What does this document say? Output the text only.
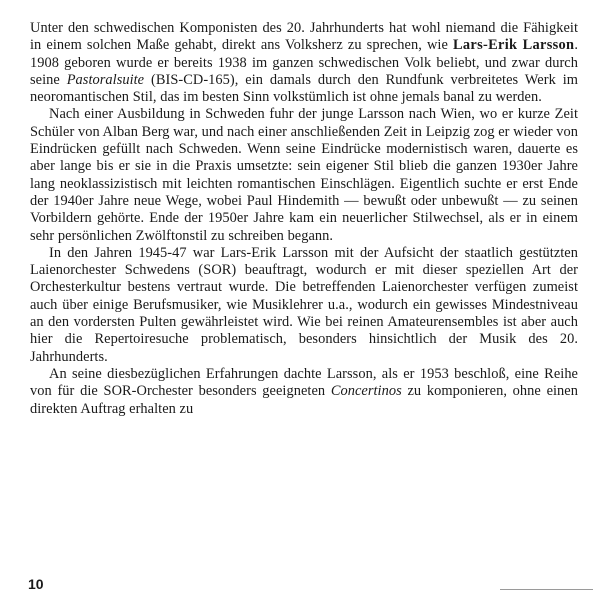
Unter den schwedischen Komponisten des 20. Jahrhunderts hat wohl niemand die Fähigkeit in einem solchen Maße gehabt, direkt ans Volksherz zu sprechen, wie Lars-Erik Larsson. 1908 geboren wurde er bereits 1938 im ganzen schwedischen Volk beliebt, und zwar durch seine Pastoralsuite (BIS-CD-165), ein damals durch den Rundfunk verbreitetes Werk im neoromantischen Stil, das im besten Sinn volkstümlich ist ohne jemals banal zu werden.

Nach einer Ausbildung in Schweden fuhr der junge Larsson nach Wien, wo er kurze Zeit Schüler von Alban Berg war, und nach einer anschließenden Zeit in Leipzig zog er wieder von Eindrücken gefüllt nach Schweden. Wenn seine Eindrücke modernistisch waren, dauerte es aber lange bis er sie in die Praxis umsetzte: sein eigener Stil blieb die ganzen 1930er Jahre lang neoklassizistisch mit leichten romantischen Einschlägen. Eigentlich suchte er erst Ende der 1940er Jahre neue Wege, wobei Paul Hindemith — bewußt oder unbewußt — zu seinen Vorbildern gehörte. Ende der 1950er Jahre kam ein neuerlicher Stilwechsel, als er in einem sehr persönlichen Zwölftonstil zu schreiben begann.

In den Jahren 1945-47 war Lars-Erik Larsson mit der Aufsicht der staatlich gestützten Laienorchester Schwedens (SOR) beauftragt, wodurch er mit dieser speziellen Art der Orchesterkultur bestens vertraut wurde. Die betreffenden Laienorchester verfügen zumeist auch über einige Berufsmusiker, wie Musiklehrer u.a., wodurch ein gewisses Mindestniveau an den vordersten Pulten gewährleistet wird. Wie bei reinen Amateurensembles ist aber auch hier die Repertoiresuche problematisch, besonders hinsichtlich der Musik des 20. Jahrhunderts.

An seine diesbezüglichen Erfahrungen dachte Larsson, als er 1953 beschloß, eine Reihe von für die SOR-Orchester besonders geeigneten Concertinos zu komponieren, ohne einen direkten Auftrag erhalten zu

10
